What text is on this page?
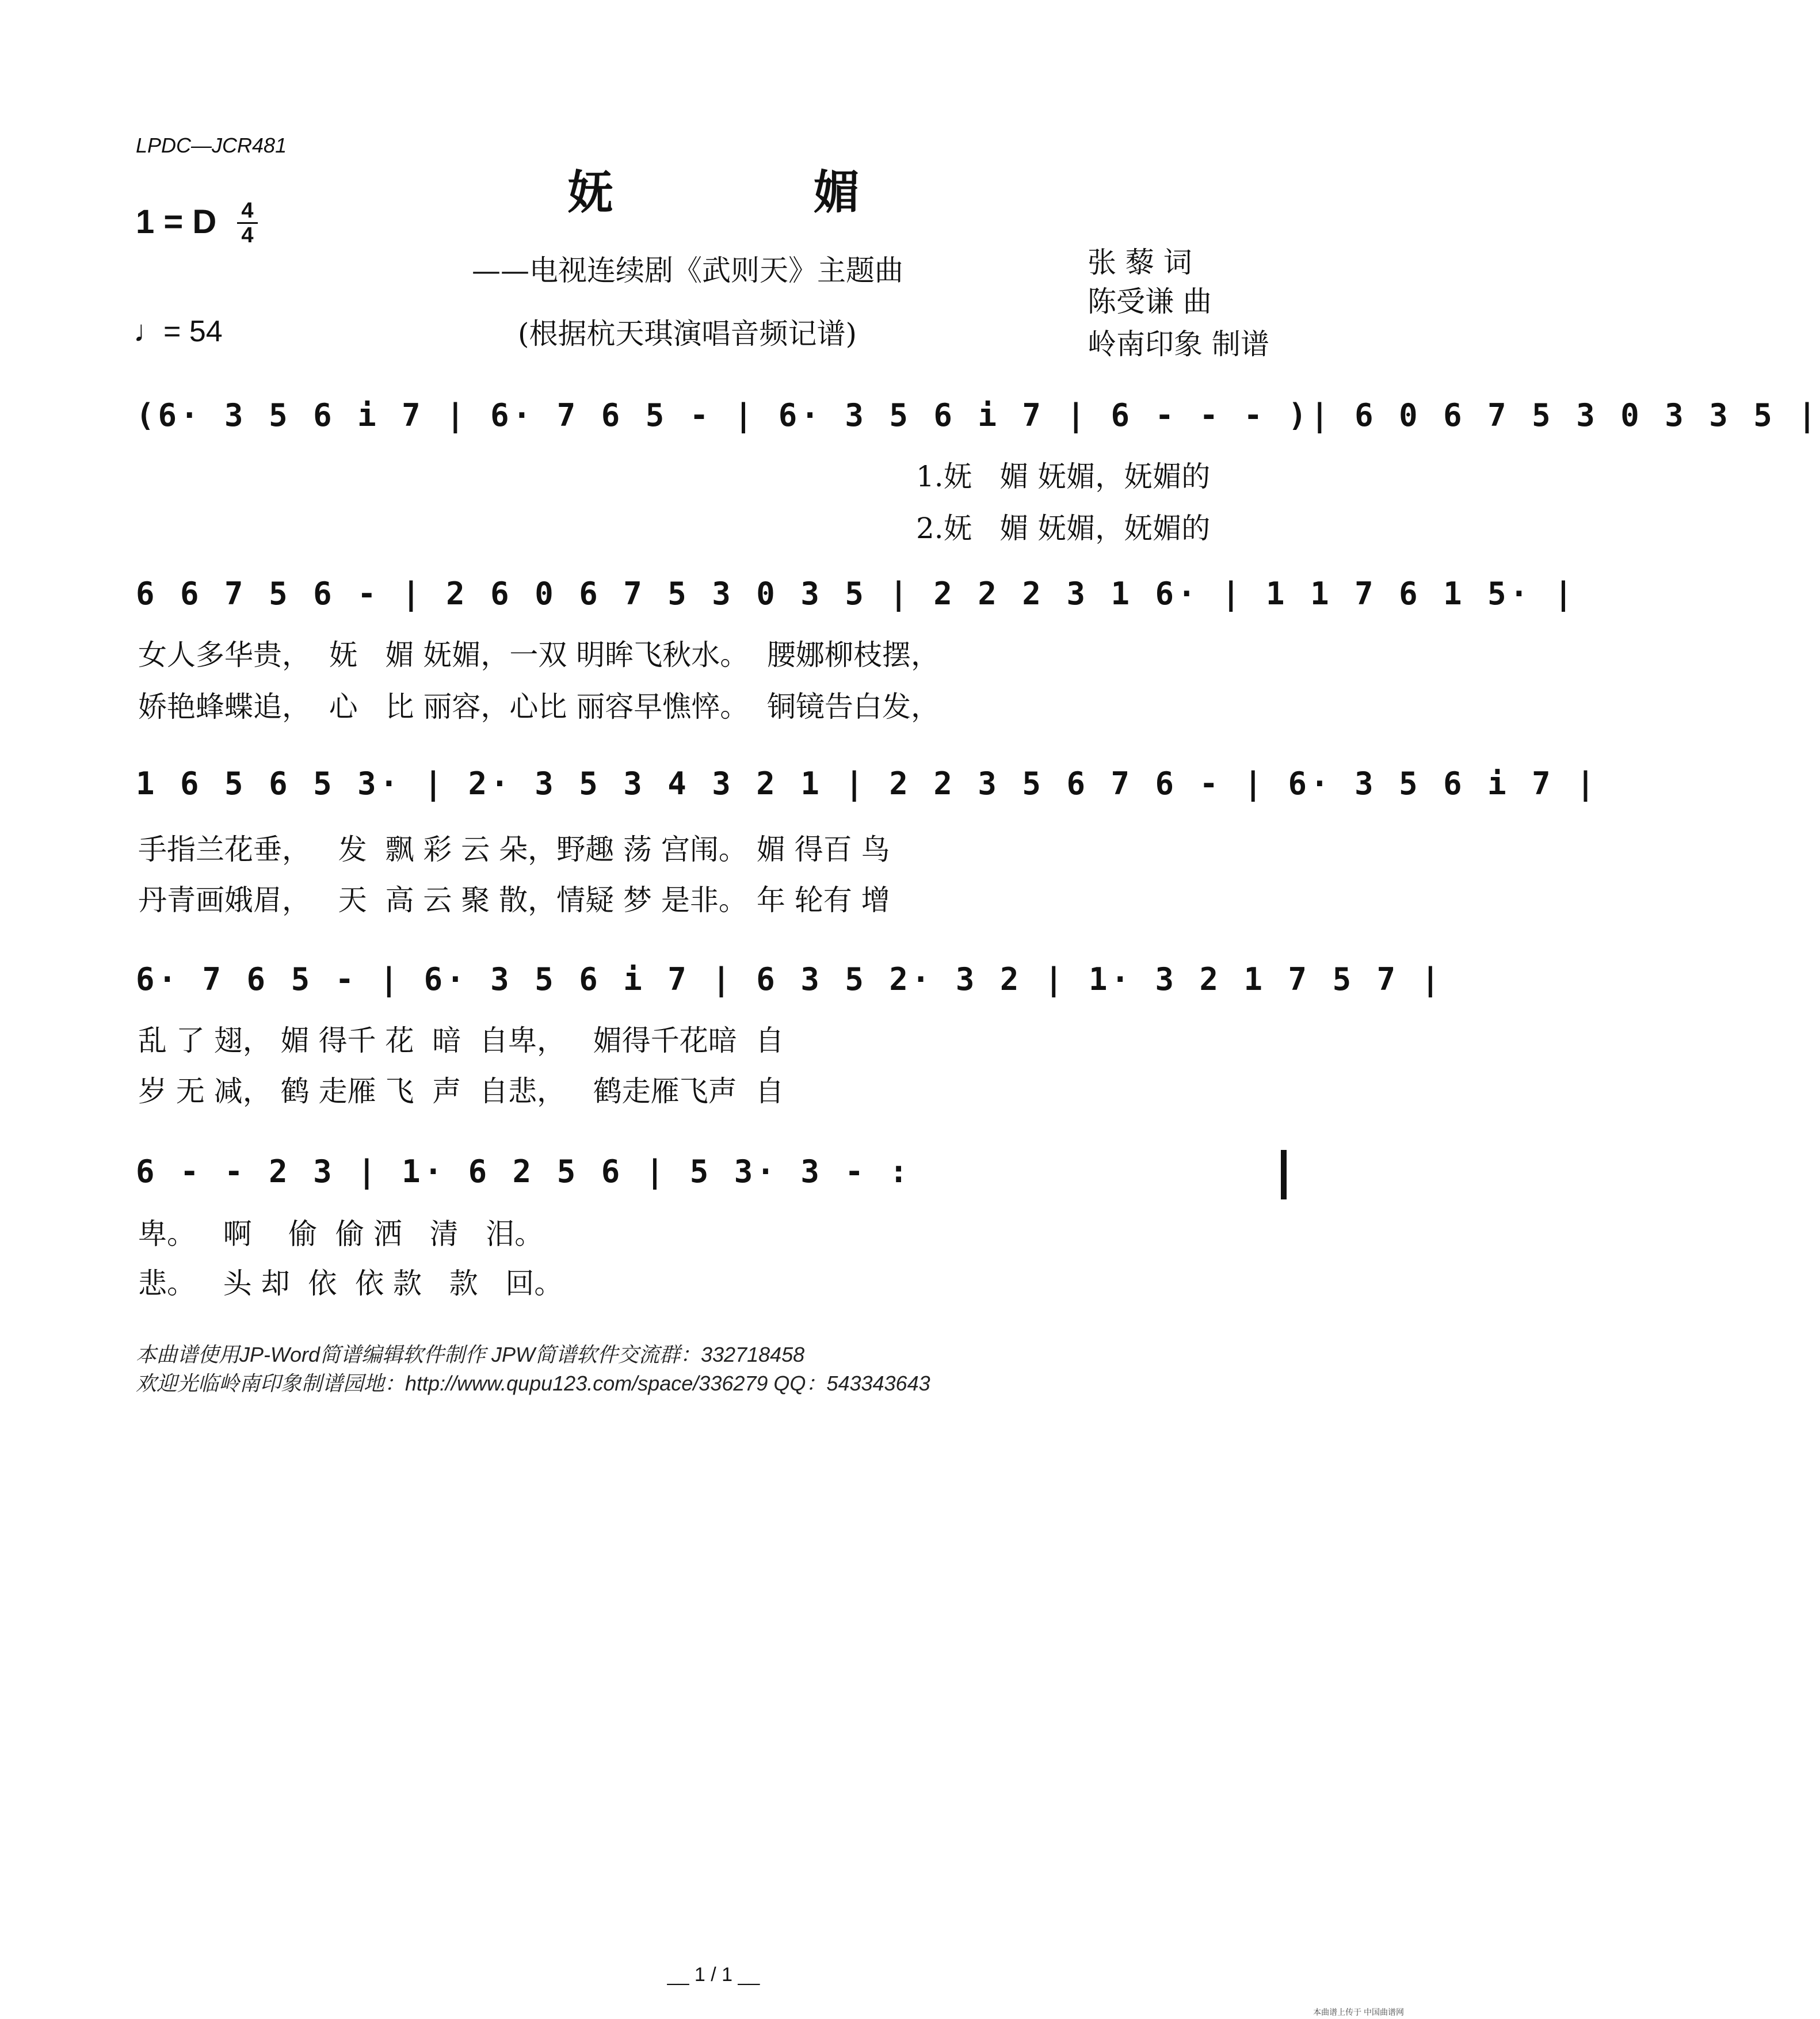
LPDC—JCR481
妩 媚
1 = D 4
4
——电视连续剧《武则天》主题曲
(根据杭天琪演唱音频记谱)
♩= 54
张 藜 词
陈受谦 曲
岭南印象 制谱
(6· 3 5 6 i 7 | 6· 7 6 5 - | 6· 3 5 6 i 7 | 6 - - - )| 6 0 6 7 5 3 0 3 3 5 |
1.妩   媚 妩媚，妩媚的
2.妩   媚 妩媚，妩媚的
6 6 7 5 6 - | 2 6 0 6 7 5 3 0 3 5 | 2 2 2 3 1 6· | 1 1 7 6 1 5· |
女人多华贵，  妩   媚 妩媚，一双 明眸飞秋水。  腰娜柳枝摆，
娇艳蜂蝶追，  心   比 丽容，心比 丽容早憔悴。  铜镜告白发，
1 6 5 6 5 3· | 2· 3 5 3 4 3 2 1 | 2 2 3 5 6 7 6 - | 6· 3 5 6 i 7 |
手指兰花垂，   发  飘 彩 云 朵，野趣 荡 宫闱。 媚 得百 鸟
丹青画娥眉，   天  高 云 聚 散，情疑 梦 是非。 年 轮有 增
6· 7 6 5 - | 6· 3 5 6 i 7 | 6 3 5 2· 3 2 | 1· 3 2 1 7 5 7 |
乱 了 翅， 媚 得千 花  暗  自卑，   媚得千花暗  自
岁 无 减， 鹤 走雁 飞  声  自悲，   鹤走雁飞声  自
6 - - 2 3 | 1· 6 2 5 6 | 5 3· 3 - :
卑。   啊    偷  偷 洒   清   泪。
悲。   头 却  依  依 款   款   回。
本曲谱使用JP-Word简谱编辑软件制作 JPW简谱软件交流群：332718458
欢迎光临岭南印象制谱园地：http://www.qupu123.com/space/336279 QQ：543343643
__ 1 / 1 __
本曲谱上传于 中国曲谱网
